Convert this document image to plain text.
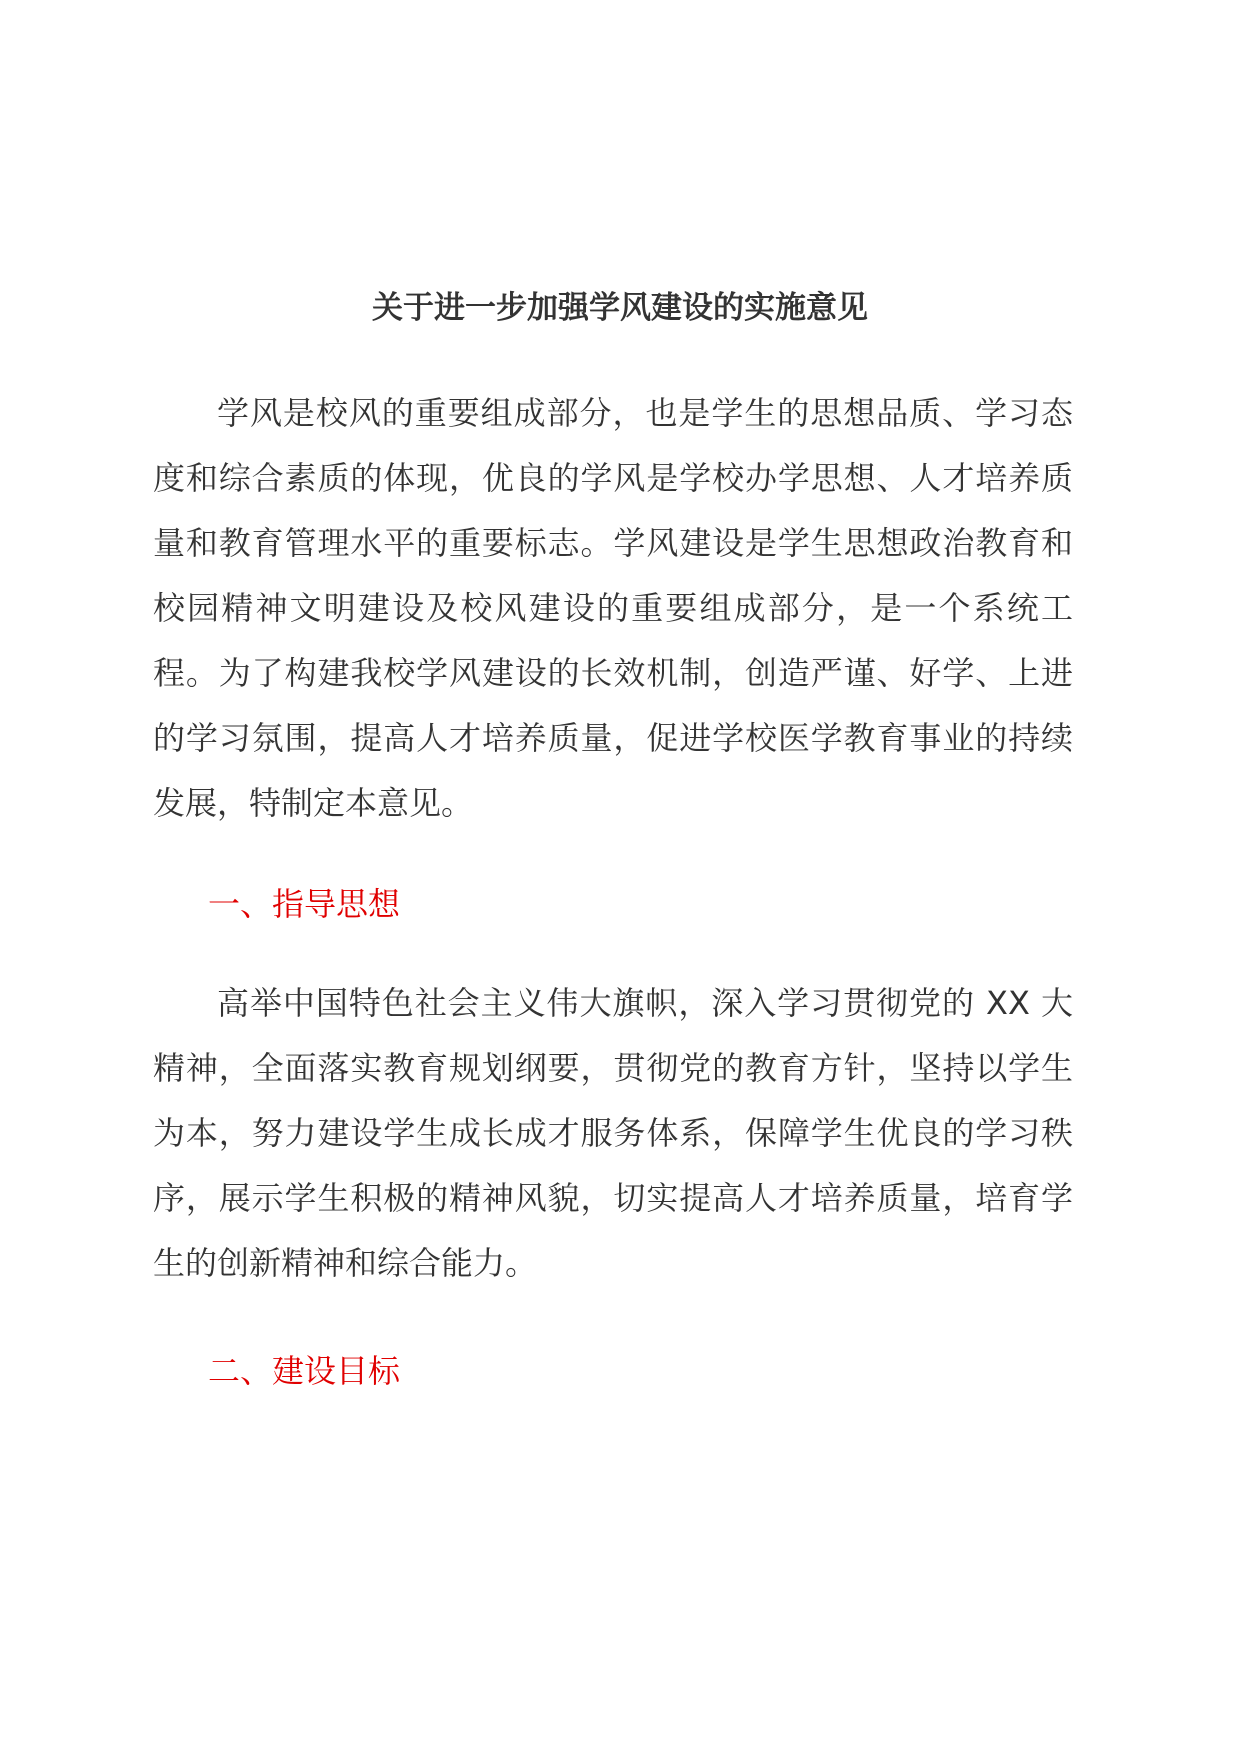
关于进一步加强学风建设的实施意见

学风是校风的重要组成部分，也是学生的思想品质、学习态度和综合素质的体现，优良的学风是学校办学思想、人才培养质量和教育管理水平的重要标志。学风建设是学生思想政治教育和校园精神文明建设及校风建设的重要组成部分，是一个系统工程。为了构建我校学风建设的长效机制，创造严谨、好学、上进的学习氛围，提高人才培养质量，促进学校医学教育事业的持续发展，特制定本意见。

一、指导思想

高举中国特色社会主义伟大旗帜，深入学习贯彻党的 XX 大精神，全面落实教育规划纲要，贯彻党的教育方针，坚持以学生为本，努力建设学生成长成才服务体系，保障学生优良的学习秩序，展示学生积极的精神风貌，切实提高人才培养质量，培育学生的创新精神和综合能力。

二、建设目标
